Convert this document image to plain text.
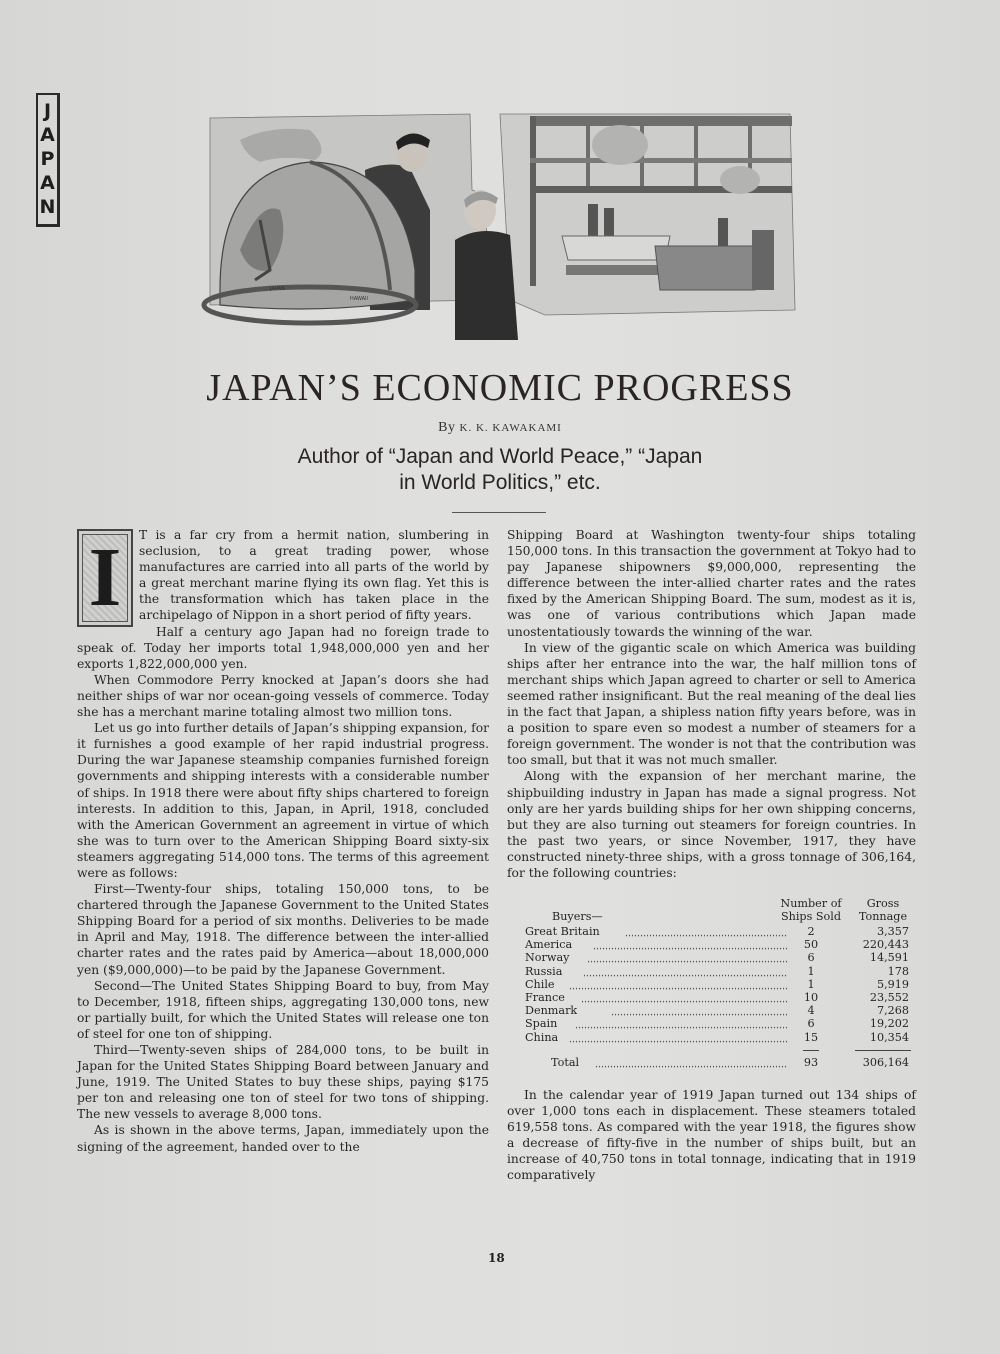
J
A
P
A
N
JAPAN
HAWAII
JAPAN’S ECONOMIC PROGRESS
By K. K. KAWAKAMI
Author of “Japan and World Peace,” “Japan
in World Politics,” etc.
I	T is a far cry from a hermit nation, slumbering in seclusion, to a great trading power, whose manufactures are carried into all parts of the world by a great merchant marine flying its own flag. Yet this is the transformation which has taken place in the archipelago of Nippon in a short period of fifty years.

Half a century ago Japan had no foreign trade to speak of. Today her imports total 1,948,000,000 yen and her exports 1,822,000,000 yen.

When Commodore Perry knocked at Japan’s doors she had neither ships of war nor ocean-going vessels of commerce. Today she has a merchant marine totaling almost two million tons.

Let us go into further details of Japan’s shipping expansion, for it furnishes a good example of her rapid industrial progress. During the war Japanese steamship companies furnished foreign governments and shipping interests with a considerable number of ships. In 1918 there were about fifty ships chartered to foreign interests. In addition to this, Japan, in April, 1918, concluded with the American Government an agreement in virtue of which she was to turn over to the American Shipping Board sixty-six steamers aggregating 514,000 tons. The terms of this agreement were as follows:

First—Twenty-four ships, totaling 150,000 tons, to be chartered through the Japanese Government to the United States Shipping Board for a period of six months. Deliveries to be made in April and May, 1918. The difference between the inter-allied charter rates and the rates paid by America—about 18,000,000 yen ($9,000,000)—to be paid by the Japanese Government.

Second—The United States Shipping Board to buy, from May to December, 1918, fifteen ships, aggregating 130,000 tons, new or partially built, for which the United States will release one ton of steel for one ton of shipping.

Third—Twenty-seven ships of 284,000 tons, to be built in Japan for the United States Shipping Board between January and June, 1919. The United States to buy these ships, paying $175 per ton and releasing one ton of steel for two tons of shipping. The new vessels to average 8,000 tons.

As is shown in the above terms, Japan, immediately upon the signing of the agreement, handed over to the

Shipping Board at Washington twenty-four ships totaling 150,000 tons. In this transaction the government at Tokyo had to pay Japanese shipowners $9,000,000, representing the difference between the inter-allied charter rates and the rates fixed by the American Shipping Board. The sum, modest as it is, was one of various contributions which Japan made unostentatiously towards the winning of the war.

In view of the gigantic scale on which America was building ships after her entrance into the war, the half million tons of merchant ships which Japan agreed to charter or sell to America seemed rather insignificant. But the real meaning of the deal lies in the fact that Japan, a shipless nation fifty years before, was in a position to spare even so modest a number of steamers for a foreign government. The wonder is not that the contribution was too small, but that it was not much smaller.

Along with the expansion of her merchant marine, the shipbuilding industry in Japan has made a signal progress. Not only are her yards building ships for her own shipping concerns, but they are also turning out steamers for foreign countries. In the past two years, or since November, 1917, they have constructed ninety-three ships, with a gross tonnage of 306,164, for the following countries:

Buyers—
Number of
Ships Sold
Gross
Tonnage
Great Britain	2	3,357
America	50	220,443
Norway	6	14,591
Russia	1	178
Chile	1	5,919
France	10	23,552
Denmark	4	7,268
Spain	6	19,202
China	15	10,354
Total	93	306,164

In the calendar year of 1919 Japan turned out 134 ships of over 1,000 tons each in displacement. These steamers totaled 619,558 tons. As compared with the year 1918, the figures show a decrease of fifty-five in the number of ships built, but an increase of 40,750 tons in total tonnage, indicating that in 1919 comparatively

18
